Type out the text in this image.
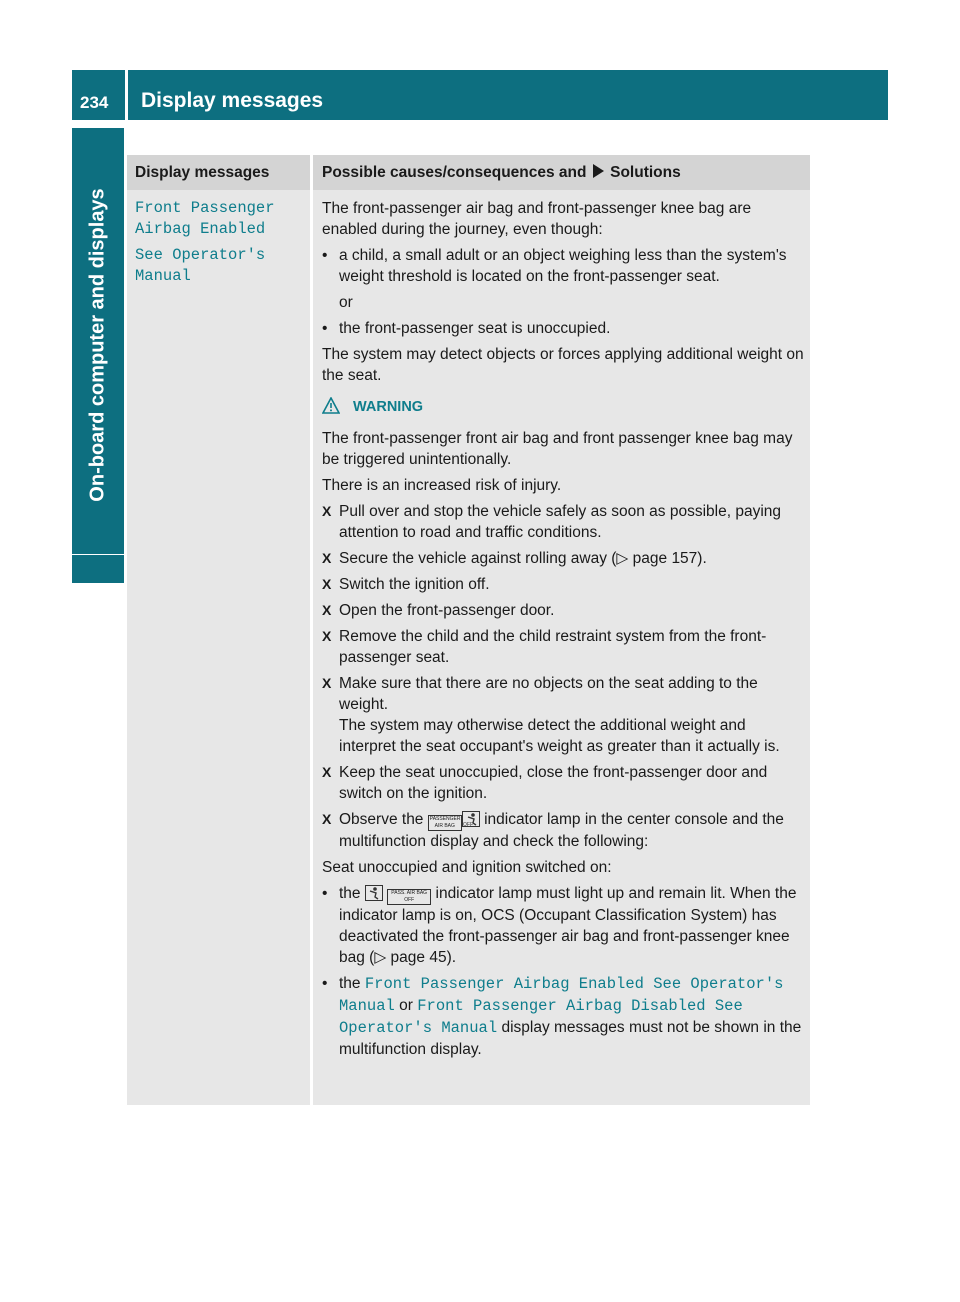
234 Display messages
On-board computer and displays
Display messages	Possible causes/consequences and Solutions

Front Passenger
Airbag Enabled

See Operator's
Manual

The front-passenger air bag and front-passenger knee bag are enabled during the journey, even though:

• a child, a small adult or an object weighing less than the system's weight threshold is located on the front-passenger seat.

or

• the front-passenger seat is unoccupied.

The system may detect objects or forces applying additional weight on the seat.

WARNING

The front-passenger front air bag and front passenger knee bag may be triggered unintentionally.

There is an increased risk of injury.

X Pull over and stop the vehicle safely as soon as possible, paying attention to road and traffic conditions.
X Secure the vehicle against rolling away (▷ page 157).
X Switch the ignition off.
X Open the front-passenger door.
X Remove the child and the child restraint system from the front-passenger seat.
X Make sure that there are no objects on the seat adding to the weight.
The system may otherwise detect the additional weight and interpret the seat occupant's weight as greater than it actually is.
X Keep the seat unoccupied, close the front-passenger door and switch on the ignition.
X Observe the PASSENGER AIR BAG OFF indicator lamp in the center console and the multifunction display and check the following:

Seat unoccupied and ignition switched on:

• the	PASS. AIR BAG OFF indicator lamp must light up and remain lit. When the indicator lamp is on, OCS (Occupant Classification System) has deactivated the front-passenger air bag and front-passenger knee bag (▷ page 45).
• the Front Passenger Airbag Enabled See Operator's Manual or Front Passenger Airbag Disabled See Operator's Manual display messages must not be shown in the multifunction display.
